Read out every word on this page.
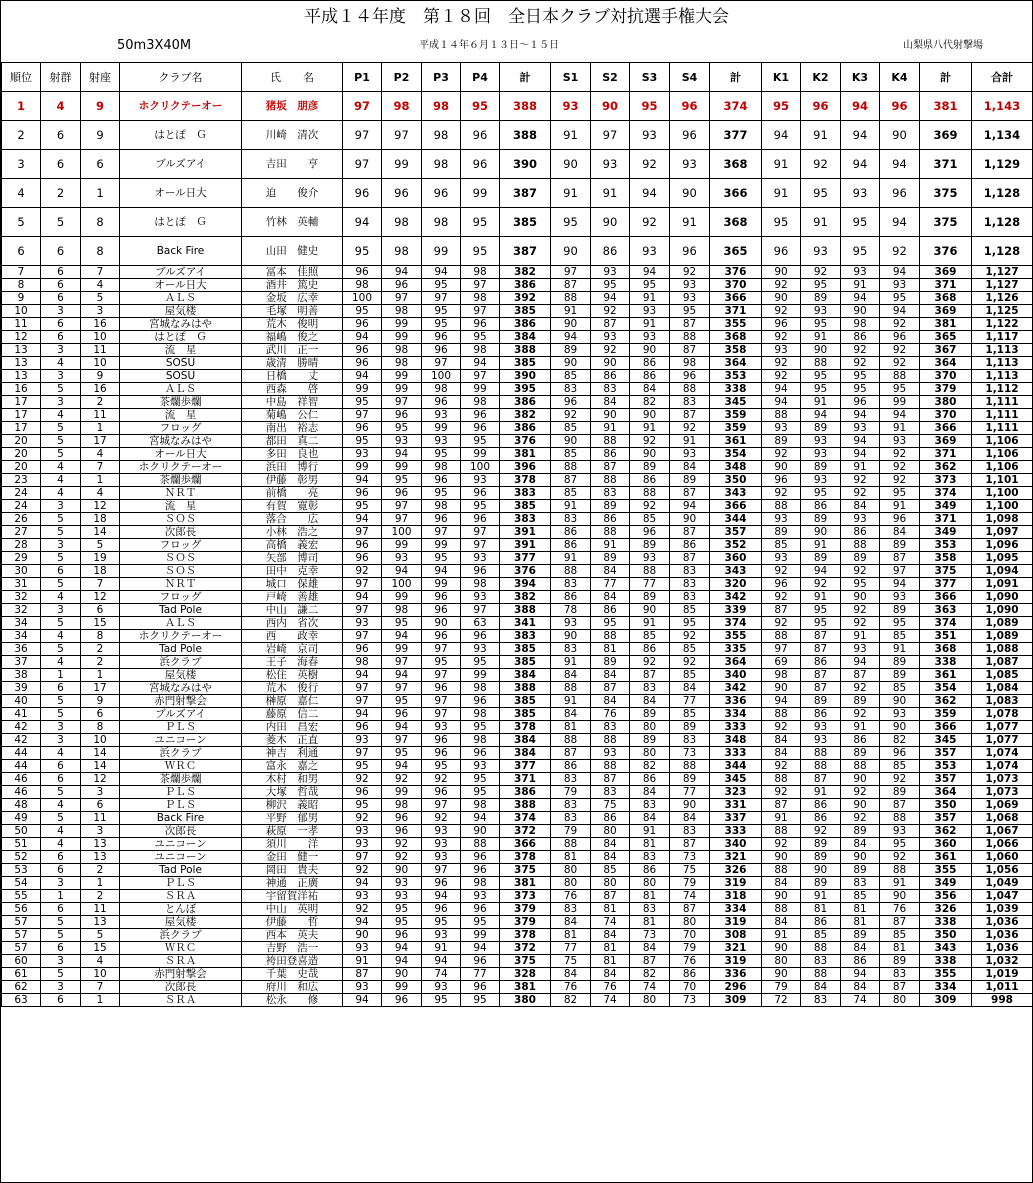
平成１４年度　第１８回　全日本クラブ対抗選手権大会
50m3X40M	平成１４年６月１３日～１５日	山梨県八代射撃場
順位	射群	射座	クラブ名	氏　　名	P1	P2	P3	P4	計	S1	S2	S3	S4	計	K1	K2	K3	K4	計	合計
1	4	9	ホクリクテーオー	猪坂　朋彦	97	98	98	95	388	93	90	95	96	374	95	96	94	96	381	1,143
2	6	9	はとぽ　Ｇ	川崎　清次	97	97	98	96	388	91	97	93	96	377	94	91	94	90	369	1,134
3	6	6	ブルズアイ	吉田　　亨	97	99	98	96	390	90	93	92	93	368	91	92	94	94	371	1,129
4	2	1	オール日大	迫　　俊介	96	96	96	99	387	91	91	94	90	366	91	95	93	96	375	1,128
5	5	8	はとぽ　Ｇ	竹林　英輔	94	98	98	95	385	95	90	92	91	368	95	91	95	94	375	1,128
6	6	8	Back Fire	山田　健史	95	98	99	95	387	90	86	93	96	365	96	93	95	92	376	1,128
7	6	7	ブルズアイ	冨本　佳照	96	94	94	98	382	97	93	94	92	376	90	92	93	94	369	1,127
8	6	4	オール日大	酒井　篤史	98	96	95	97	386	87	95	95	93	370	92	95	91	93	371	1,127
9	6	5	ＡＬＳ	金坂　広幸	100	97	97	98	392	88	94	91	93	366	90	89	94	95	368	1,126
10	3	3	屋気楼	毛塚　明善	95	98	95	97	385	91	92	93	95	371	92	93	90	94	369	1,125
11	6	16	宮城なみはや	荒木　俊明	96	99	95	96	386	90	87	91	87	355	96	95	98	92	381	1,122
12	6	10	はとぽ　Ｇ	福嶋　俊之	94	99	96	95	384	94	93	93	88	368	92	91	86	96	365	1,117
13	3	11	流　星	武川　正一	96	98	96	98	388	89	92	90	87	358	93	90	92	92	367	1,113
13	4	10	SOSU	歳清　勝晴	96	98	97	94	385	90	90	86	98	364	92	88	92	92	364	1,113
13	3	9	SOSU	日橋　　丈	94	99	100	97	390	85	86	86	96	353	92	95	95	88	370	1,113
16	5	16	ＡＬＳ	西森　　啓	99	99	98	99	395	83	83	84	88	338	94	95	95	95	379	1,112
17	3	2	茶爛歩爛	中島　祥智	95	97	96	98	386	96	84	82	83	345	94	91	96	99	380	1,111
17	4	11	流　星	菊嶋　公仁	97	96	93	96	382	92	90	90	87	359	88	94	94	94	370	1,111
17	5	1	フロッグ	南出　裕志	96	95	99	96	386	85	91	91	92	359	93	89	93	91	366	1,111
20	5	17	宮城なみはや	都田　真二	95	93	93	95	376	90	88	92	91	361	89	93	94	93	369	1,106
20	5	4	オール日大	多田　良也	93	94	95	99	381	85	86	90	93	354	92	93	94	92	371	1,106
20	4	7	ホクリクテーオー	浜田　博行	99	99	98	100	396	88	87	89	84	348	90	89	91	92	362	1,106
23	4	1	茶爛歩爛	伊藤　彰男	94	95	96	93	378	87	88	86	89	350	96	93	92	92	373	1,101
24	4	4	ＮＲＴ	前橋　　亮	96	96	95	96	383	85	83	88	87	343	92	95	92	95	374	1,100
24	3	12	流　星	有賀　寛彰	95	97	98	95	385	91	89	92	94	366	88	86	84	91	349	1,100
26	5	18	ＳＯＳ	落合　　広	94	97	96	96	383	83	86	85	90	344	93	89	93	96	371	1,098
27	5	14	次郎長	小林　浩之	97	100	97	97	391	86	88	96	87	357	89	90	86	84	349	1,097
28	3	5	フロッグ	高橋　義宏	96	99	99	97	391	86	91	89	86	352	85	91	88	89	353	1,096
29	5	19	ＳＯＳ	矢部　博司	96	93	95	93	377	91	89	93	87	360	93	89	89	87	358	1,095
30	6	18	ＳＯＳ	田中　克幸	92	94	94	96	376	88	84	88	83	343	92	94	92	97	375	1,094
31	5	7	ＮＲＴ	城口　保雄	97	100	99	98	394	83	77	77	83	320	96	92	95	94	377	1,091
32	4	12	フロッグ	戸崎　善雄	94	99	96	93	382	86	84	89	83	342	92	91	90	93	366	1,090
32	3	6	Tad Pole	中山　謙二	97	98	96	97	388	78	86	90	85	339	87	95	92	89	363	1,090
34	5	15	ＡＬＳ	西内　省次	93	95	90	63	341	93	95	91	95	374	92	95	92	95	374	1,089
34	4	8	ホクリクテーオー	西　　政幸	97	94	96	96	383	90	88	85	92	355	88	87	91	85	351	1,089
36	5	2	Tad Pole	岩崎　京司	96	99	97	93	385	83	81	86	85	335	97	87	93	91	368	1,088
37	4	2	浜クラブ	王子　海春	98	97	95	95	385	91	89	92	92	364	69	86	94	89	338	1,087
38	1	1	屋気楼	松住　英樹	94	94	97	99	384	84	84	87	85	340	98	87	87	89	361	1,085
39	6	17	宮城なみはや	荒木　俊行	97	97	96	98	388	88	87	83	84	342	90	87	92	85	354	1,084
40	5	9	赤門射撃会	榊原　嘉仁	97	95	97	96	385	91	84	84	77	336	94	89	89	90	362	1,083
41	5	6	ブルズアイ	藤原　信二	94	96	97	98	385	84	76	89	85	334	88	86	92	93	359	1,078
42	3	8	ＰＬＳ	内田　昌宏	96	94	93	95	378	81	83	80	89	333	92	93	91	90	366	1,077
42	3	10	ユニコーン	菱木　正直	93	97	96	98	384	88	88	89	83	348	84	93	86	82	345	1,077
44	4	14	浜クラブ	神吉　利通	97	95	96	96	384	87	93	80	73	333	84	88	89	96	357	1,074
44	6	14	ＷＲＣ	富永　嘉之	95	94	95	93	377	86	88	82	88	344	92	88	88	85	353	1,074
46	6	12	茶爛歩爛	木村　和男	92	92	92	95	371	83	87	86	89	345	88	87	90	92	357	1,073
46	5	3	ＰＬＳ	大塚　哲哉	96	99	96	95	386	79	83	84	77	323	92	91	92	89	364	1,073
48	4	6	ＰＬＳ	柳沢　義昭	95	98	97	98	388	83	75	83	90	331	87	86	90	87	350	1,069
49	5	11	Back Fire	平野　郁男	92	96	92	94	374	83	86	84	84	337	91	86	92	88	357	1,068
50	4	3	次郎長	萩原　一孝	93	96	93	90	372	79	80	91	83	333	88	92	89	93	362	1,067
51	4	13	ユニコーン	須川　　洋	93	92	93	88	366	88	84	81	87	340	92	89	84	95	360	1,066
52	6	13	ユニコーン	金田　健一	97	92	93	96	378	81	84	83	73	321	90	89	90	92	361	1,060
53	6	2	Tad Pole	岡田　貴夫	92	90	97	96	375	80	85	86	75	326	88	90	89	88	355	1,056
54	3	1	ＰＬＳ	神通　正廣	94	93	96	98	381	80	80	80	79	319	84	89	83	91	349	1,049
55	1	2	ＳＲＡ	宇留賀洋祐	93	93	94	93	373	76	87	81	74	318	90	91	85	90	356	1,047
56	6	11	とんぼ	中山　英明	92	95	96	96	379	83	81	83	87	334	88	81	81	76	326	1,039
57	5	13	屋気楼	伊藤　　哲	94	95	95	95	379	84	74	81	80	319	84	86	81	87	338	1,036
57	5	5	浜クラブ	西本　英夫	90	96	93	99	378	81	84	73	70	308	91	85	89	85	350	1,036
57	6	15	ＷＲＣ	吉野　浩一	93	94	91	94	372	77	81	84	79	321	90	88	84	81	343	1,036
60	3	4	ＳＲＡ	袴田登喜造	91	94	94	96	375	75	81	87	76	319	80	83	86	89	338	1,032
61	5	10	赤門射撃会	千葉　史哉	87	90	74	77	328	84	84	82	86	336	90	88	94	83	355	1,019
62	3	7	次郎長	府川　和広	93	99	93	96	381	76	76	74	70	296	79	84	84	87	334	1,011
63	6	1	ＳＲＡ	松永　　修	94	96	95	95	380	82	74	80	73	309	72	83	74	80	309	998
